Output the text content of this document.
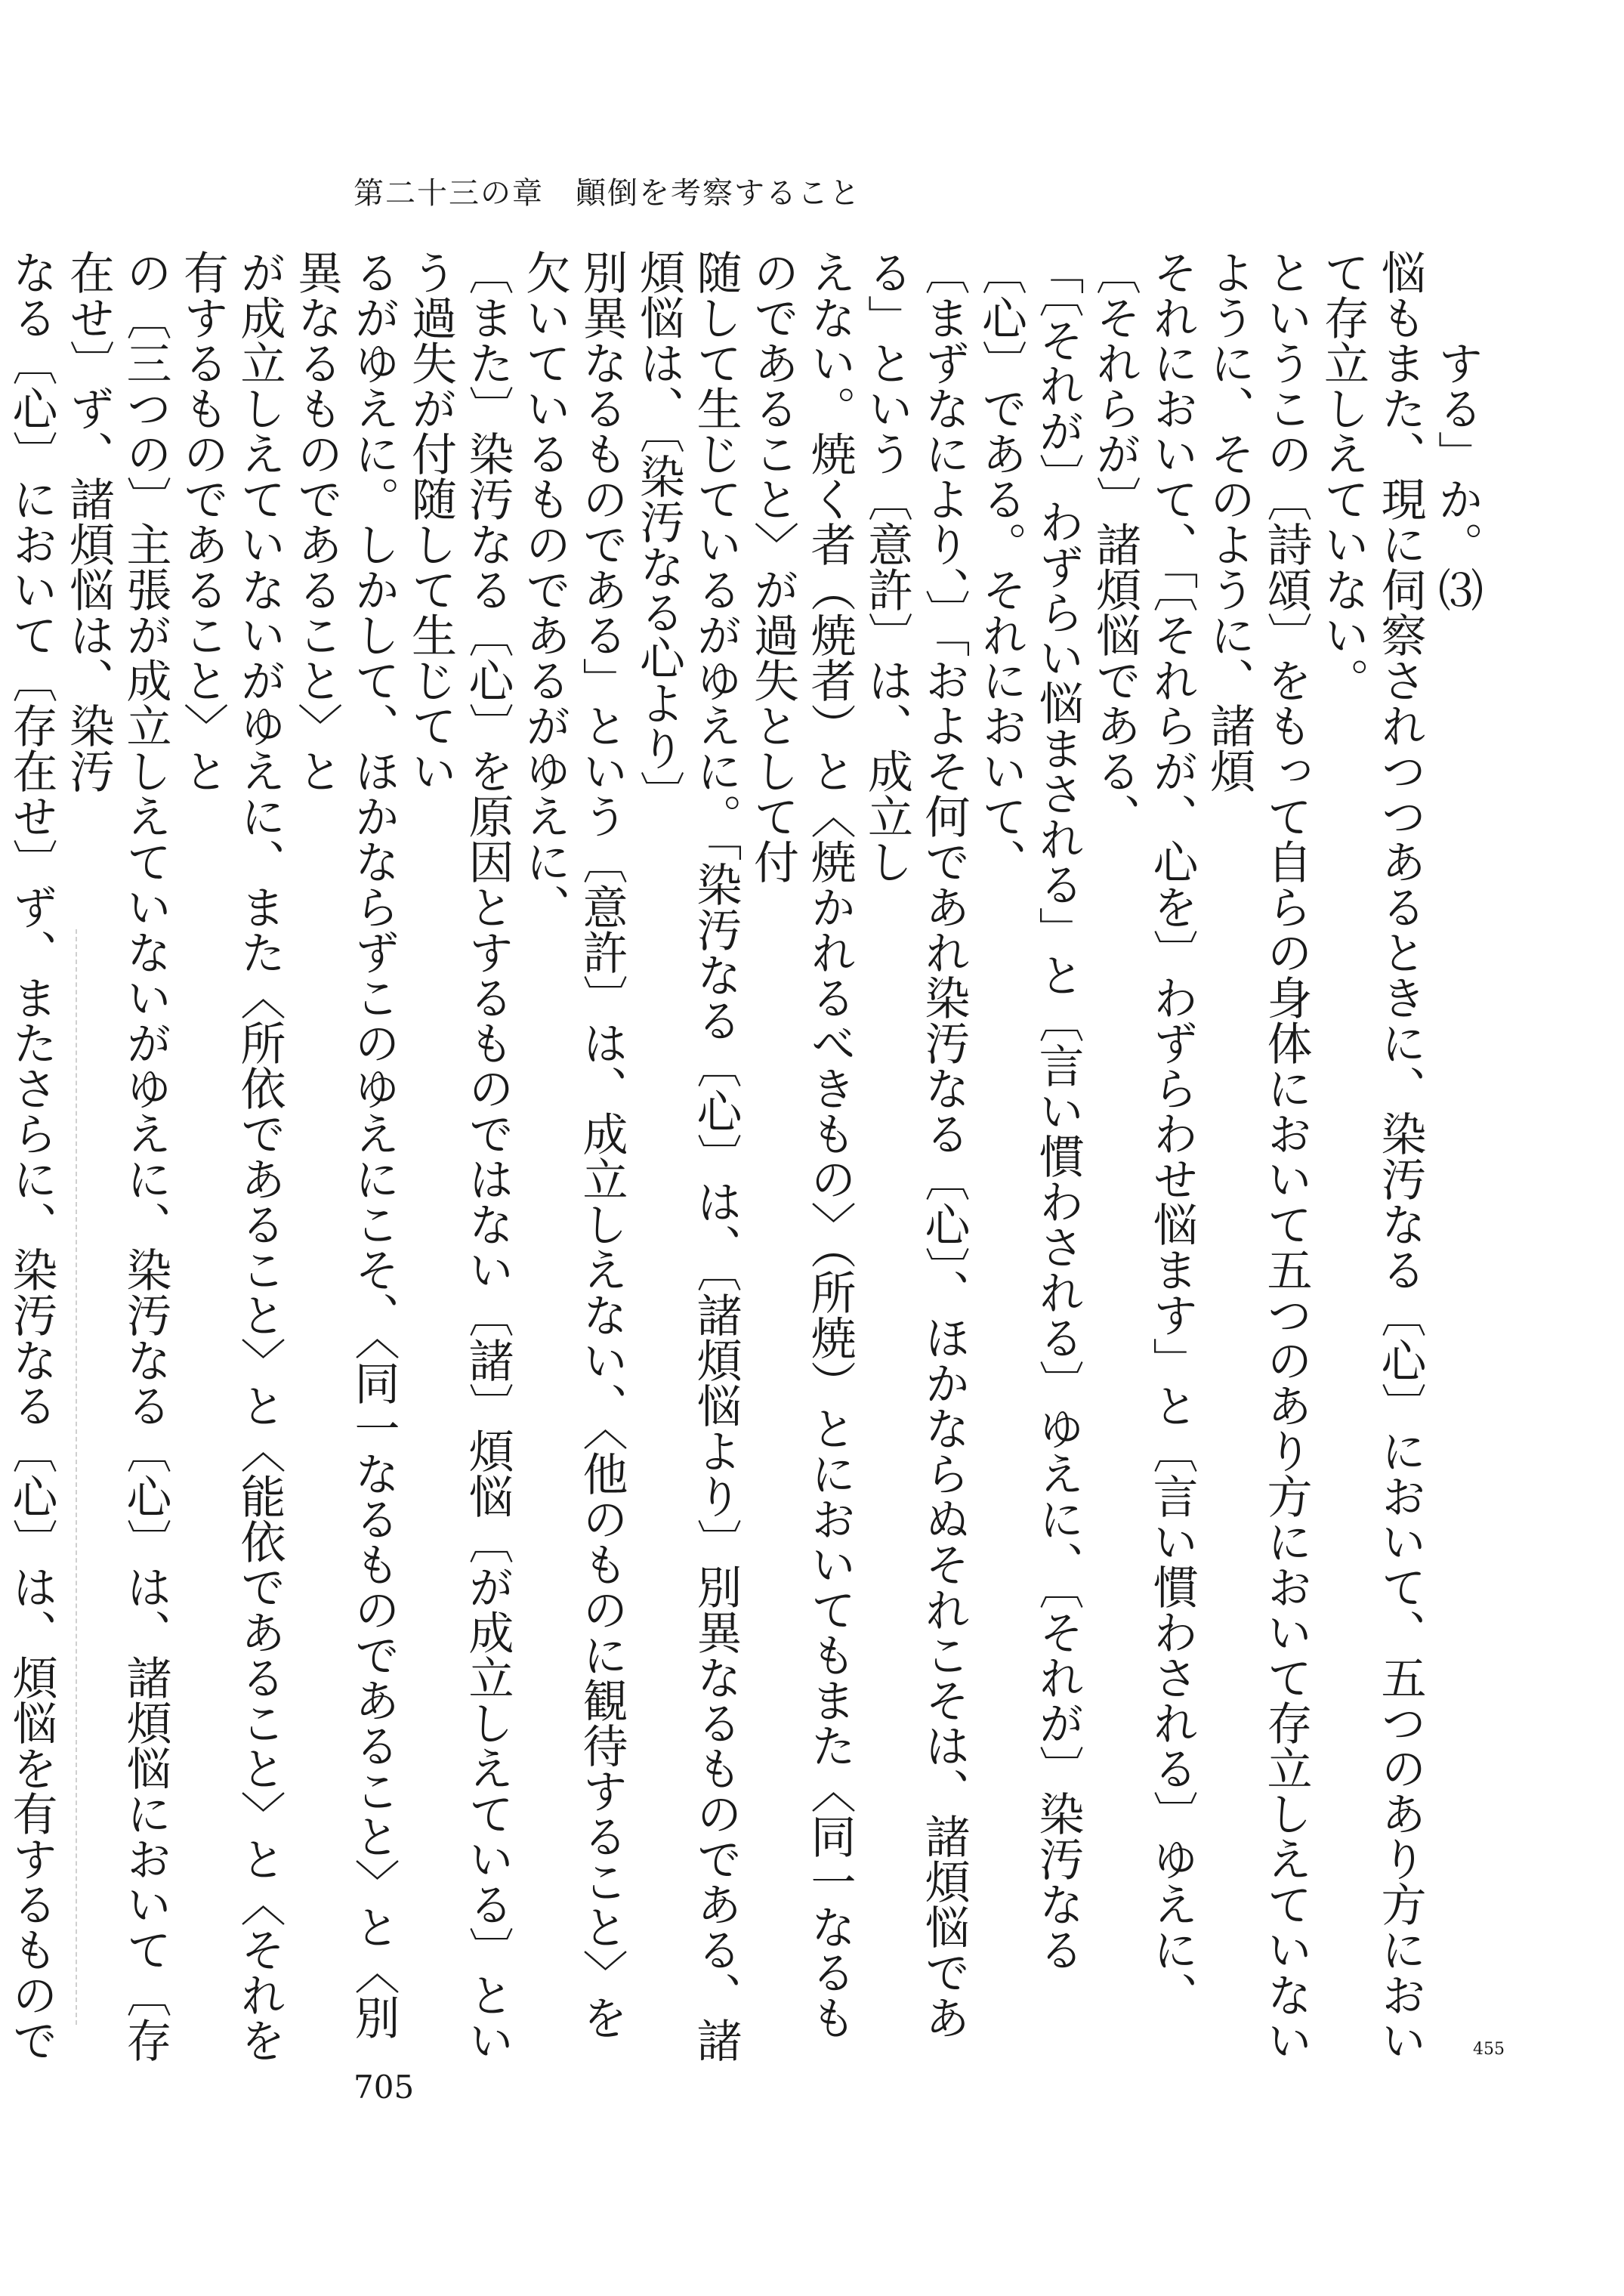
第二十三の章　顚倒を考察すること
する」か。⑶
悩もまた、現に伺察されつつあるときに、染汚なる〔心〕において、五つのあり方において存立しえていない。
というこの〔詩頌〕をもって自らの身体において五つのあり方において存立しえていないように、そのように、諸煩
それにおいて、「〔それらが、心を〕わずらわせ悩ます」と〔言い慣わされる〕ゆえに、〔それらが〕諸煩悩である、
「〔それが〕わずらい悩まされる」と〔言い慣わされる〕ゆえに、〔それが〕染汚なる〔心〕である。それにおいて、
〔まずなにより、〕「およそ何であれ染汚なる〔心〕、ほかならぬそれこそは、諸煩悩である」という〔意許〕は、成立し
えない。焼く者（焼者）と〈焼かれるべきもの〉（所焼）とにおいてもまた〈同一なるものであること〉が過失として付
随して生じているがゆえに。「染汚なる〔心〕は、〔諸煩悩より〕別異なるものである、諸煩悩は、〔染汚なる心より〕
別異なるものである」という〔意許〕は、成立しえない、〈他のものに観待すること〉を欠いているものであるがゆえに、
〔また〕染汚なる〔心〕を原因とするものではない〔諸〕煩悩〔が成立しえている〕という過失が付随して生じてい
るがゆえに。しかして、ほかならずこのゆえにこそ、〈同一なるものであること〉と〈別異なるものであること〉と
が成立しえていないがゆえに、また〈所依であること〉と〈能依であること〉と〈それを有するものであること〉と
の〔三つの〕主張が成立しえていないがゆえに、染汚なる〔心〕は、諸煩悩において〔存在せ〕ず、諸煩悩は、染汚
なる〔心〕において〔存在せ〕ず、またさらに、染汚なる〔心〕は、煩悩を有するもので
705
455
